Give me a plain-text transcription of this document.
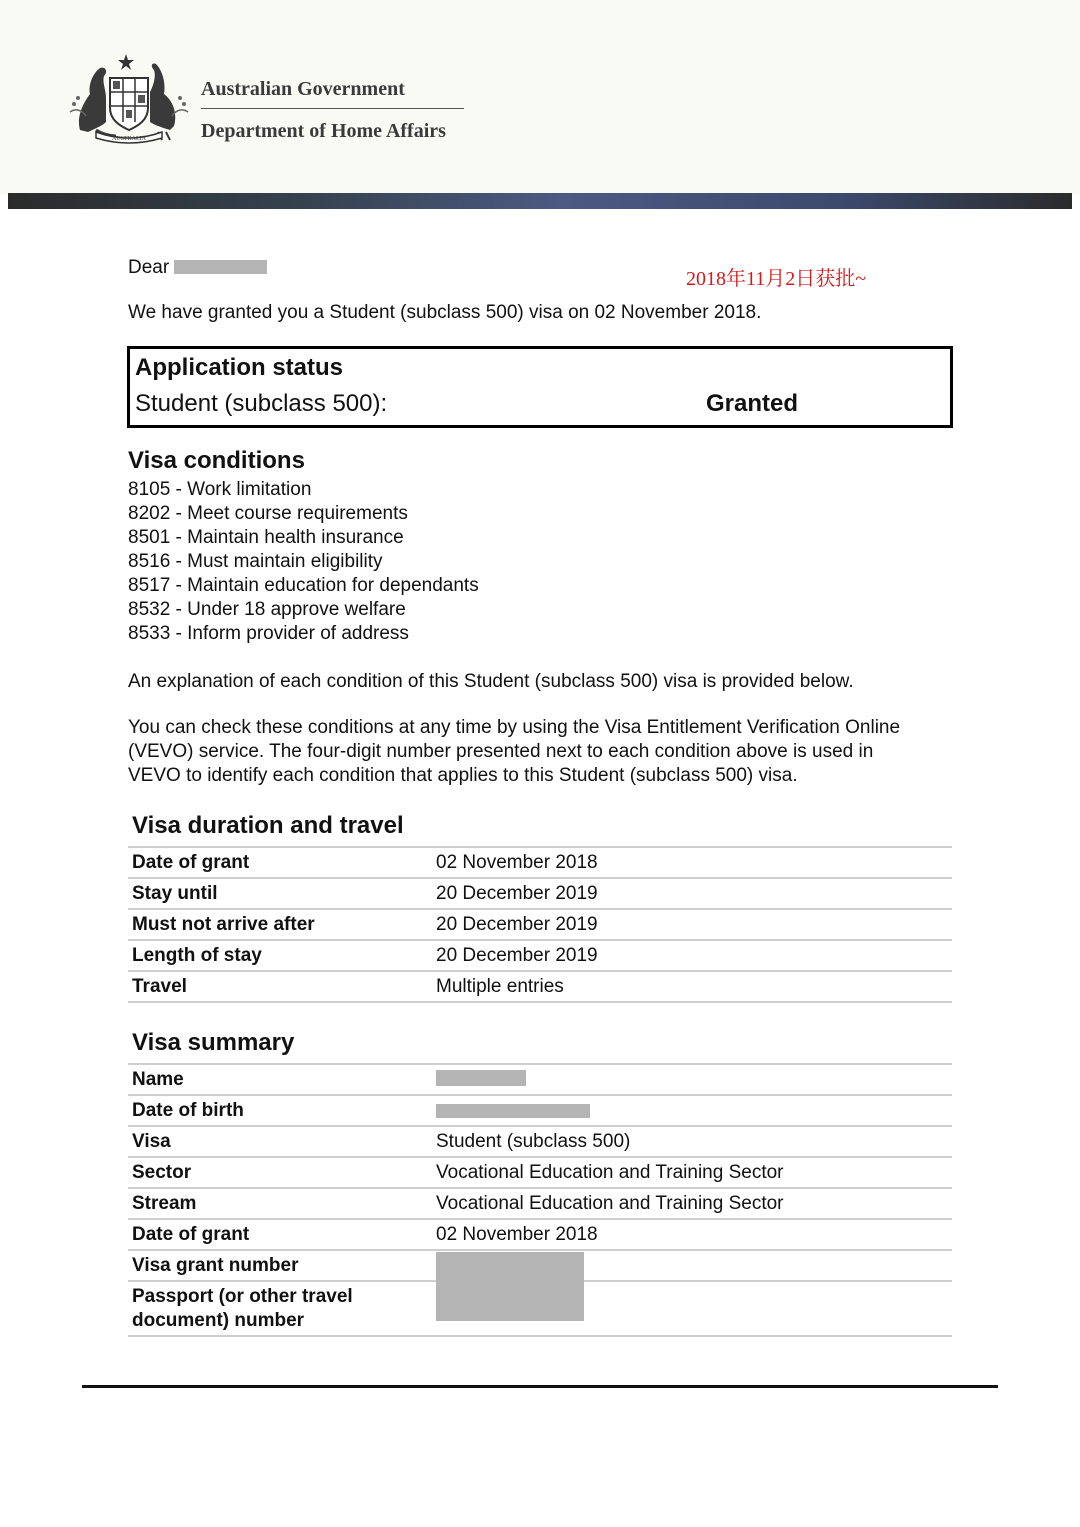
AUSTRALIA
Australian Government
Department of Home Affairs
Dear
2018年11月2日获批~
We have granted you a Student (subclass 500) visa on 02 November 2018.
Application status
Student (subclass 500):	Granted
Visa conditions
8105 - Work limitation
8202 - Meet course requirements
8501 - Maintain health insurance
8516 - Must maintain eligibility
8517 - Maintain education for dependants
8532 - Under 18 approve welfare
8533 - Inform provider of address
An explanation of each condition of this Student (subclass 500) visa is provided below.
You can check these conditions at any time by using the Visa Entitlement Verification Online
(VEVO) service. The four-digit number presented next to each condition above is used in
VEVO to identify each condition that applies to this Student (subclass 500) visa.
Visa duration and travel
Date of grant	02 November 2018
Stay until	20 December 2019
Must not arrive after	20 December 2019
Length of stay	20 December 2019
Travel	Multiple entries
Visa summary
Name
Date of birth
Visa	Student (subclass 500)
Sector	Vocational Education and Training Sector
Stream	Vocational Education and Training Sector
Date of grant	02 November 2018
Visa grant number
Passport (or other travel
document) number
